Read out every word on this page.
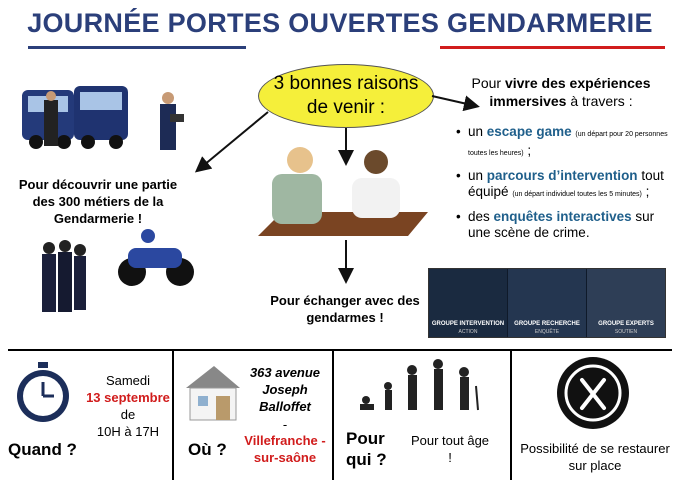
JOURNÉE PORTES OUVERTES GENDARMERIE
3 bonnes raisons
de venir :
Pour découvrir une partie des 300 métiers de la Gendarmerie !
Pour échanger avec des gendarmes !
Pour vivre des expériences immersives à travers :
• un escape game (un départ pour 20 personnes toutes les heures) ;
• un parcours d’intervention tout équipé (un départ individuel toutes les 5 minutes) ;
• des enquêtes interactives sur une scène de crime.
GROUPE INTERVENTION	GROUPE RECHERCHE	GROUPE EXPERTS
ACTION	ENQUÊTE	SOUTIEN
Quand ?
Samedi
13 septembre
de
10H à 17H
Où ?
363 avenue Joseph Balloffet
-
Villefranche -sur-saône
Pour qui ?
Pour tout âge !
Possibilité de se restaurer sur place
